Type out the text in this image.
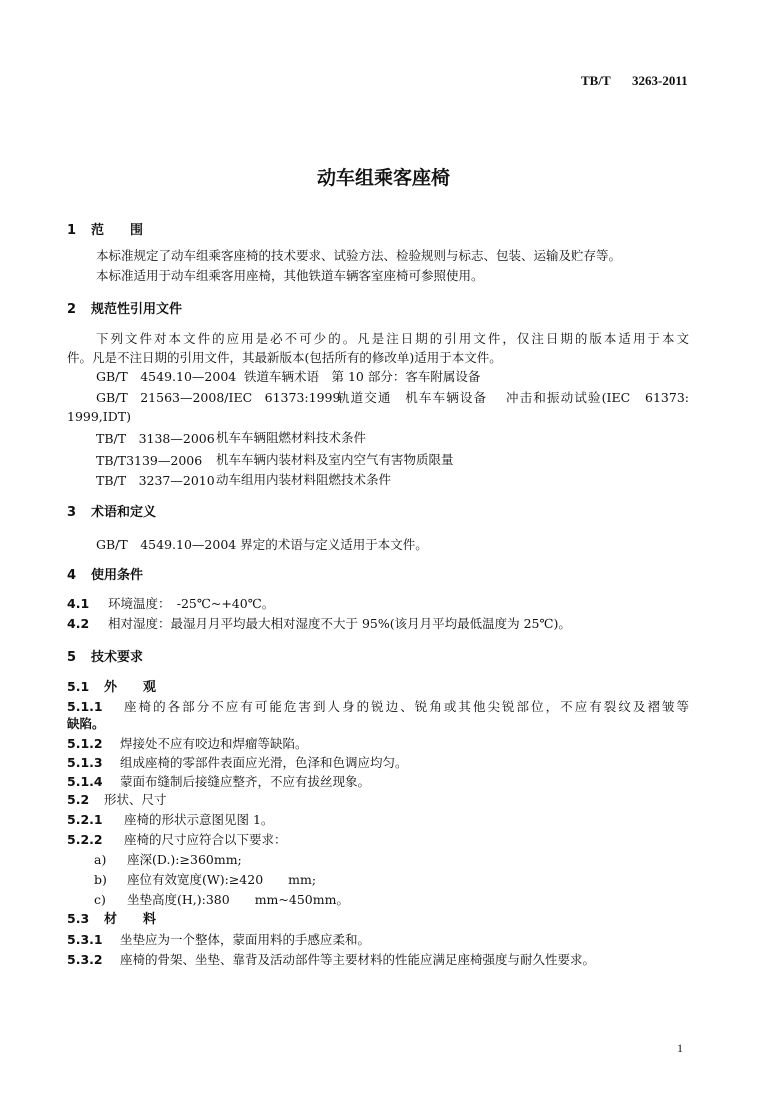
TB/T 3263-2011
动车组乘客座椅
1 范　　围
本标准规定了动车组乘客座椅的技术要求、试验方法、检验规则与标志、包装、运输及贮存等。
本标准适用于动车组乘客用座椅，其他铁道车辆客室座椅可参照使用。
2 规范性引用文件
下列文件对本文件的应用是必不可少的。凡是注日期的引用文件，仅注日期的版本适用于本文
件。凡是不注日期的引用文件，其最新版本(包括所有的修改单)适用于本文件。
GB/T　4549.10—2004 铁道车辆术语　第 10 部分：客车附属设备
GB/T　21563—2008/IEC　61373:1999
轨道交通　机车车辆设备　 冲击和振动试验(IEC　61373:
1999,IDT)
TB/T　3138—2006 机车车辆阻燃材料技术条件
TB/T3139—2006 机车车辆内装材料及室内空气有害物质限量
TB/T　3237—2010 动车组用内装材料阻燃技术条件
3 术语和定义
GB/T　4549.10—2004 界定的术语与定义适用于本文件。
4 使用条件
4.1 环境温度：　-25℃~+40℃。
4.2 相对湿度：最湿月月平均最大相对湿度不大于 95%(该月月平均最低温度为 25℃)。
5 技术要求
5.1 外　　观
5.1.1 座椅的各部分不应有可能危害到人身的锐边、锐角或其他尖锐部位，不应有裂纹及褶皱等
缺陷。
5.1.2 焊接处不应有咬边和焊瘤等缺陷。
5.1.3 组成座椅的零部件表面应光滑，色泽和色调应均匀。
5.1.4 蒙面布缝制后接缝应整齐，不应有拔丝现象。
5.2 形状、尺寸
5.2.1 座椅的形状示意图见图 1。
5.2.2 座椅的尺寸应符合以下要求：
a) 座深(D.):≥360mm;
b) 座位有效宽度(W):≥420　　mm;
c) 坐垫高度(H,):380　　mm~450mm。
5.3 材　　料
5.3.1 坐垫应为一个整体，蒙面用料的手感应柔和。
5.3.2 座椅的骨架、坐垫、靠背及活动部件等主要材料的性能应满足座椅强度与耐久性要求。
1
